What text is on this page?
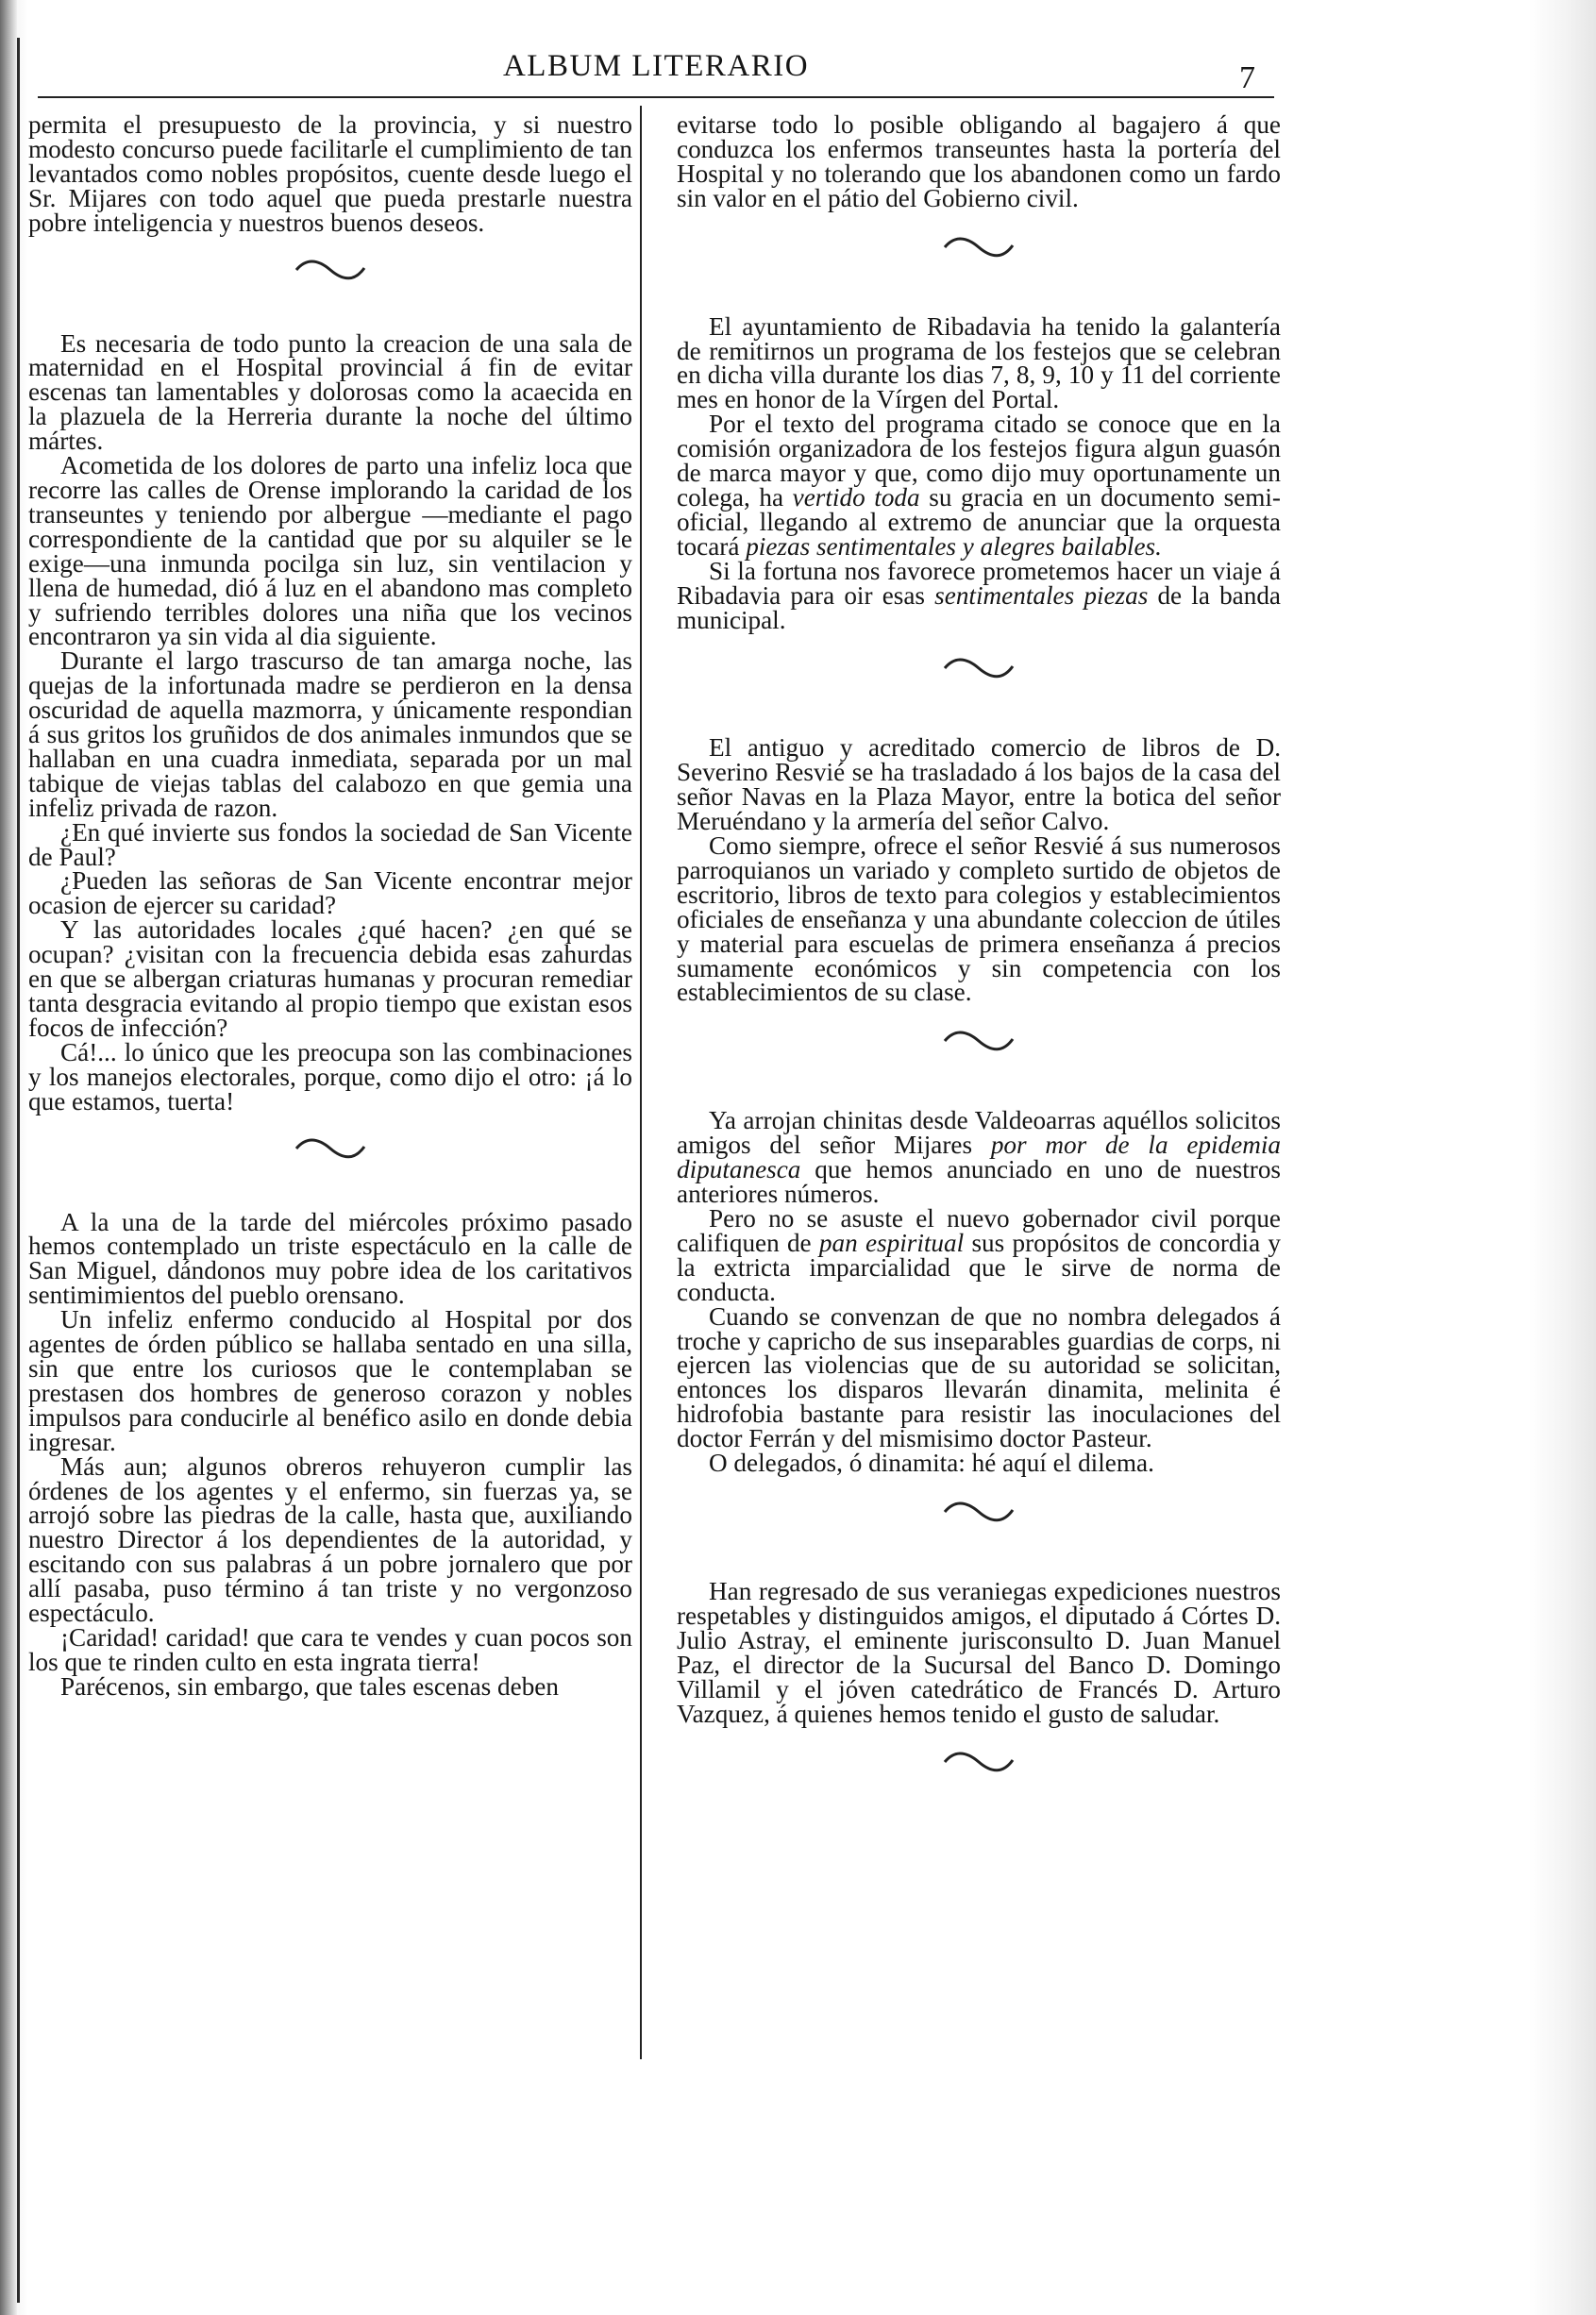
ALBUM LITERARIO	7

permita el presupuesto de la provincia, y si nuestro modesto concurso puede facilitarle el cumplimiento de tan levantados como nobles propósitos, cuente desde luego el Sr. Mijares con todo aquel que pueda prestarle nuestra pobre inteligencia y nuestros buenos deseos.

Es necesaria de todo punto la creacion de una sala de maternidad en el Hospital provincial á fin de evitar escenas tan lamentables y dolorosas como la acaecida en la plazuela de la Herreria durante la noche del último mártes.

Acometida de los dolores de parto una infeliz loca que recorre las calles de Orense implorando la caridad de los transeuntes y teniendo por albergue —mediante el pago correspondiente de la cantidad que por su alquiler se le exige—una inmunda pocilga sin luz, sin ventilacion y llena de humedad, dió á luz en el abandono mas completo y sufriendo terribles dolores una niña que los vecinos encontraron ya sin vida al dia siguiente.

Durante el largo trascurso de tan amarga noche, las quejas de la infortunada madre se perdieron en la densa oscuridad de aquella mazmorra, y únicamente respondian á sus gritos los gruñidos de dos animales inmundos que se hallaban en una cuadra inmediata, separada por un mal tabique de viejas tablas del calabozo en que gemia una infeliz privada de razon.

¿En qué invierte sus fondos la sociedad de San Vicente de Paul?

¿Pueden las señoras de San Vicente encontrar mejor ocasion de ejercer su caridad?

Y las autoridades locales ¿qué hacen? ¿en qué se ocupan? ¿visitan con la frecuencia debida esas zahurdas en que se albergan criaturas humanas y procuran remediar tanta desgracia evitando al propio tiempo que existan esos focos de infección?

Cá!... lo único que les preocupa son las combinaciones y los manejos electorales, porque, como dijo el otro: ¡á lo que estamos, tuerta!

A la una de la tarde del miércoles próximo pasado hemos contemplado un triste espectáculo en la calle de San Miguel, dándonos muy pobre idea de los caritativos sentimimientos del pueblo orensano.

Un infeliz enfermo conducido al Hospital por dos agentes de órden público se hallaba sentado en una silla, sin que entre los curiosos que le contemplaban se prestasen dos hombres de generoso corazon y nobles impulsos para conducirle al benéfico asilo en donde debia ingresar.

Más aun; algunos obreros rehuyeron cumplir las órdenes de los agentes y el enfermo, sin fuerzas ya, se arrojó sobre las piedras de la calle, hasta que, auxiliando nuestro Director á los dependientes de la autoridad, y escitando con sus palabras á un pobre jornalero que por allí pasaba, puso término á tan triste y no vergonzoso espectáculo.

¡Caridad! caridad! que cara te vendes y cuan pocos son los que te rinden culto en esta ingrata tierra!

Parécenos, sin embargo, que tales escenas deben

evitarse todo lo posible obligando al bagajero á que conduzca los enfermos transeuntes hasta la portería del Hospital y no tolerando que los abandonen como un fardo sin valor en el pátio del Gobierno civil.

El ayuntamiento de Ribadavia ha tenido la galantería de remitirnos un programa de los festejos que se celebran en dicha villa durante los dias 7, 8, 9, 10 y 11 del corriente mes en honor de la Vírgen del Portal.

Por el texto del programa citado se conoce que en la comisión organizadora de los festejos figura algun guasón de marca mayor y que, como dijo muy oportunamente un colega, ha vertido toda su gracia en un documento semi-oficial, llegando al extremo de anunciar que la orquesta tocará piezas sentimentales y alegres bailables.

Si la fortuna nos favorece prometemos hacer un viaje á Ribadavia para oir esas sentimentales piezas de la banda municipal.

El antiguo y acreditado comercio de libros de D. Severino Resvié se ha trasladado á los bajos de la casa del señor Navas en la Plaza Mayor, entre la botica del señor Meruéndano y la armería del señor Calvo.

Como siempre, ofrece el señor Resvié á sus numerosos parroquianos un variado y completo surtido de objetos de escritorio, libros de texto para colegios y establecimientos oficiales de enseñanza y una abundante coleccion de útiles y material para escuelas de primera enseñanza á precios sumamente económicos y sin competencia con los establecimientos de su clase.

Ya arrojan chinitas desde Valdeoarras aquéllos solicitos amigos del señor Mijares por mor de la epidemia diputanesca que hemos anunciado en uno de nuestros anteriores números.

Pero no se asuste el nuevo gobernador civil porque califiquen de pan espiritual sus propósitos de concordia y la extricta imparcialidad que le sirve de norma de conducta.

Cuando se convenzan de que no nombra delegados á troche y capricho de sus inseparables guardias de corps, ni ejercen las violencias que de su autoridad se solicitan, entonces los disparos llevarán dinamita, melinita é hidrofobia bastante para resistir las inoculaciones del doctor Ferrán y del mismisimo doctor Pasteur.

O delegados, ó dinamita: hé aquí el dilema.

Han regresado de sus veraniegas expediciones nuestros respetables y distinguidos amigos, el diputado á Córtes D. Julio Astray, el eminente jurisconsulto D. Juan Manuel Paz, el director de la Sucursal del Banco D. Domingo Villamil y el jóven catedrático de Francés D. Arturo Vazquez, á quienes hemos tenido el gusto de saludar.
